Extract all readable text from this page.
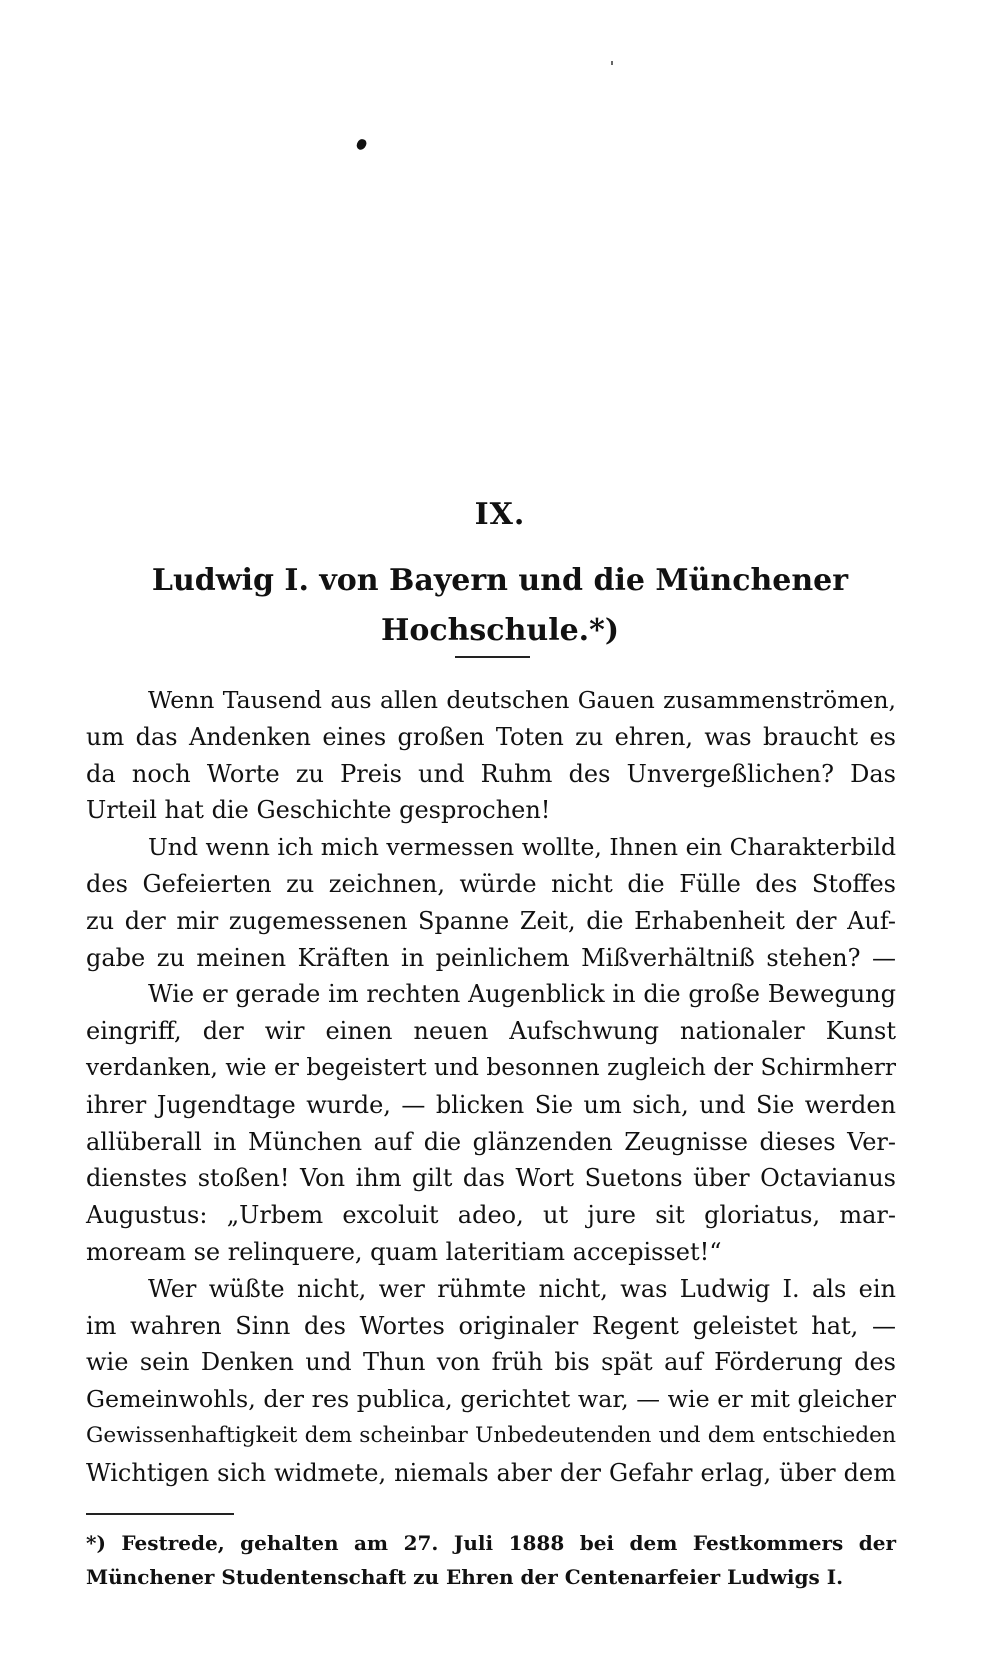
IX.
Ludwig I. von Bayern und die Münchener
Hochschule.*)
Wenn Tausend aus allen deutschen Gauen zusammenströmen,
um das Andenken eines großen Toten zu ehren, was braucht es
da noch Worte zu Preis und Ruhm des Unvergeßlichen? Das
Urteil hat die Geschichte gesprochen!
Und wenn ich mich vermessen wollte, Ihnen ein Charakterbild
des Gefeierten zu zeichnen, würde nicht die Fülle des Stoffes
zu der mir zugemessenen Spanne Zeit, die Erhabenheit der Auf-
gabe zu meinen Kräften in peinlichem Mißverhältniß stehen? —
Wie er gerade im rechten Augenblick in die große Bewegung
eingriff, der wir einen neuen Aufschwung nationaler Kunst
verdanken, wie er begeistert und besonnen zugleich der Schirmherr
ihrer Jugendtage wurde, — blicken Sie um sich, und Sie werden
allüberall in München auf die glänzenden Zeugnisse dieses Ver-
dienstes stoßen! Von ihm gilt das Wort Suetons über Octavianus
Augustus: „Urbem excoluit adeo, ut jure sit gloriatus, mar-
moream se relinquere, quam lateritiam accepisset!“
Wer wüßte nicht, wer rühmte nicht, was Ludwig I. als ein
im wahren Sinn des Wortes originaler Regent geleistet hat, —
wie sein Denken und Thun von früh bis spät auf Förderung des
Gemeinwohls, der res publica, gerichtet war, — wie er mit gleicher
Gewissenhaftigkeit dem scheinbar Unbedeutenden und dem entschieden
Wichtigen sich widmete, niemals aber der Gefahr erlag, über dem
*) Festrede, gehalten am 27. Juli 1888 bei dem Festkommers der
Münchener Studentenschaft zu Ehren der Centenarfeier Ludwigs I.
